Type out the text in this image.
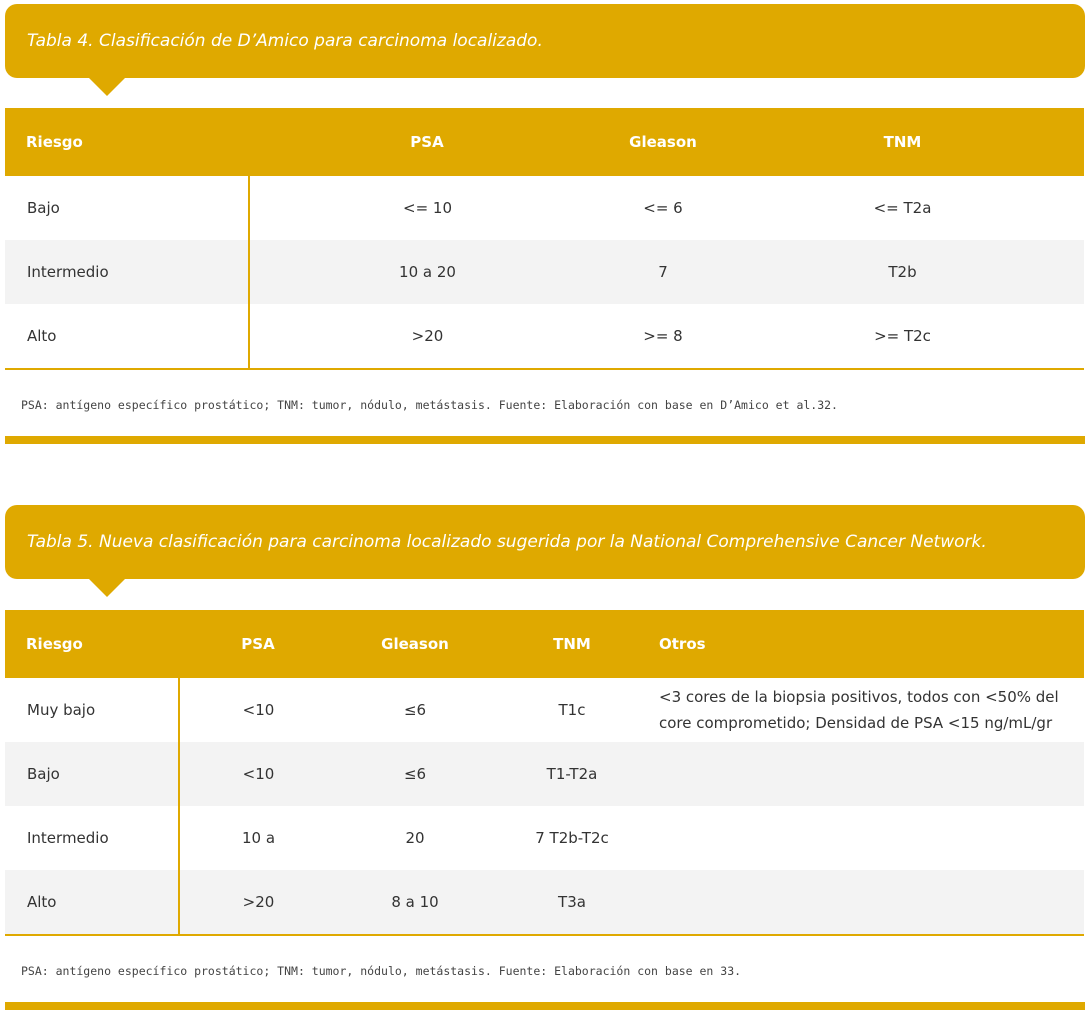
Tabla 4. Clasificación de D’Amico para carcinoma localizado.
Riesgo	PSA	Gleason	TNM
Bajo	<= 10	<= 6	<= T2a
Intermedio	10 a 20	7	T2b
Alto	>20	>= 8	>= T2c
PSA: antígeno específico prostático; TNM: tumor, nódulo, metástasis. Fuente: Elaboración con base en D’Amico et al.32.
Tabla 5. Nueva clasificación para carcinoma localizado sugerida por la National Comprehensive Cancer Network.
Riesgo	PSA	Gleason	TNM	Otros
Muy bajo	<10	≤6	T1c	<3 cores de la biopsia positivos, todos con <50% del core comprometido; Densidad de PSA <15 ng/mL/gr
Bajo	<10	≤6	T1-T2a	
Intermedio	10 a	20	7 T2b-T2c	
Alto	>20	8 a 10	T3a	
PSA: antígeno específico prostático; TNM: tumor, nódulo, metástasis. Fuente: Elaboración con base en 33.
